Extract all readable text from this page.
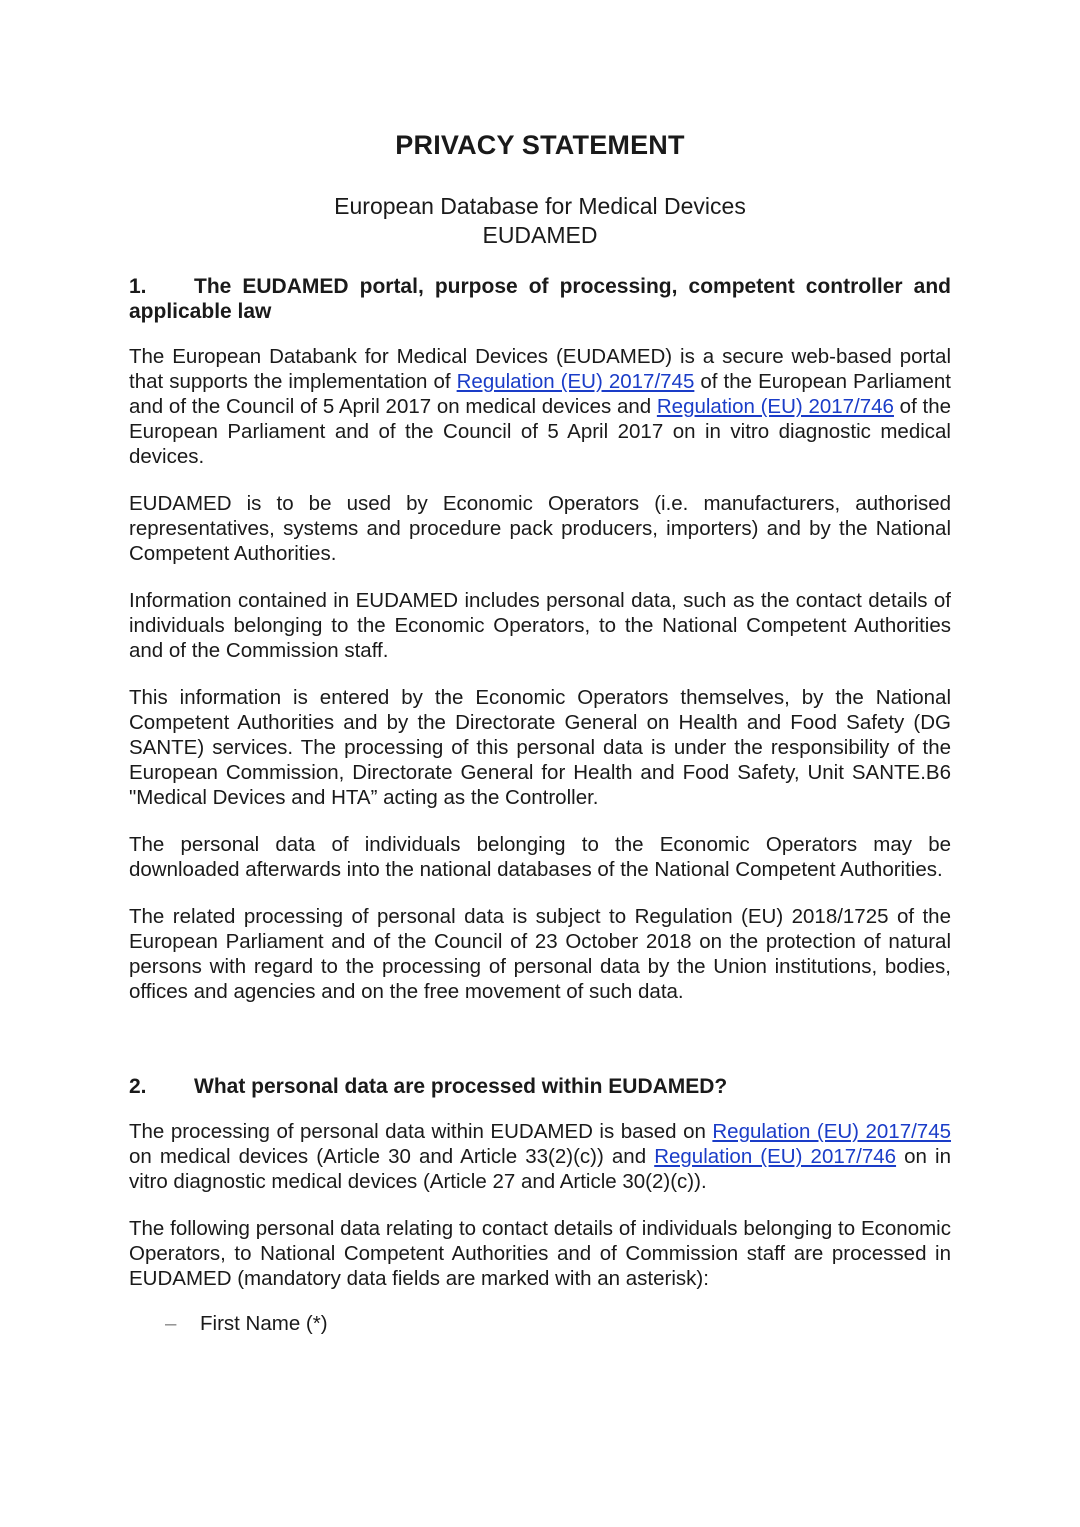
PRIVACY STATEMENT
European Database for Medical Devices
EUDAMED
1. The EUDAMED portal, purpose of processing, competent controller and applicable law

The European Databank for Medical Devices (EUDAMED) is a secure web-based portal that supports the implementation of Regulation (EU) 2017/745 of the European Parliament and of the Council of 5 April 2017 on medical devices and Regulation (EU) 2017/746 of the European Parliament and of the Council of 5 April 2017 on in vitro diagnostic medical devices.

EUDAMED is to be used by Economic Operators (i.e. manufacturers, authorised representatives, systems and procedure pack producers, importers) and by the National Competent Authorities.

Information contained in EUDAMED includes personal data, such as the contact details of individuals belonging to the Economic Operators, to the National Competent Authorities and of the Commission staff.

This information is entered by the Economic Operators themselves, by the National Competent Authorities and by the Directorate General on Health and Food Safety (DG SANTE) services. The processing of this personal data is under the responsibility of the European Commission, Directorate General for Health and Food Safety, Unit SANTE.B6 "Medical Devices and HTA” acting as the Controller.

The personal data of individuals belonging to the Economic Operators may be downloaded afterwards into the national databases of the National Competent Authorities.

The related processing of personal data is subject to Regulation (EU) 2018/1725 of the European Parliament and of the Council of 23 October 2018 on the protection of natural persons with regard to the processing of personal data by the Union institutions, bodies, offices and agencies and on the free movement of such data.

2. What personal data are processed within EUDAMED?

The processing of personal data within EUDAMED is based on Regulation (EU) 2017/745 on medical devices (Article 30 and Article 33(2)(c)) and Regulation (EU) 2017/746 on in vitro diagnostic medical devices (Article 27 and Article 30(2)(c)).

The following personal data relating to contact details of individuals belonging to Economic Operators, to National Competent Authorities and of Commission staff are processed in EUDAMED (mandatory data fields are marked with an asterisk):

– First Name (*)
